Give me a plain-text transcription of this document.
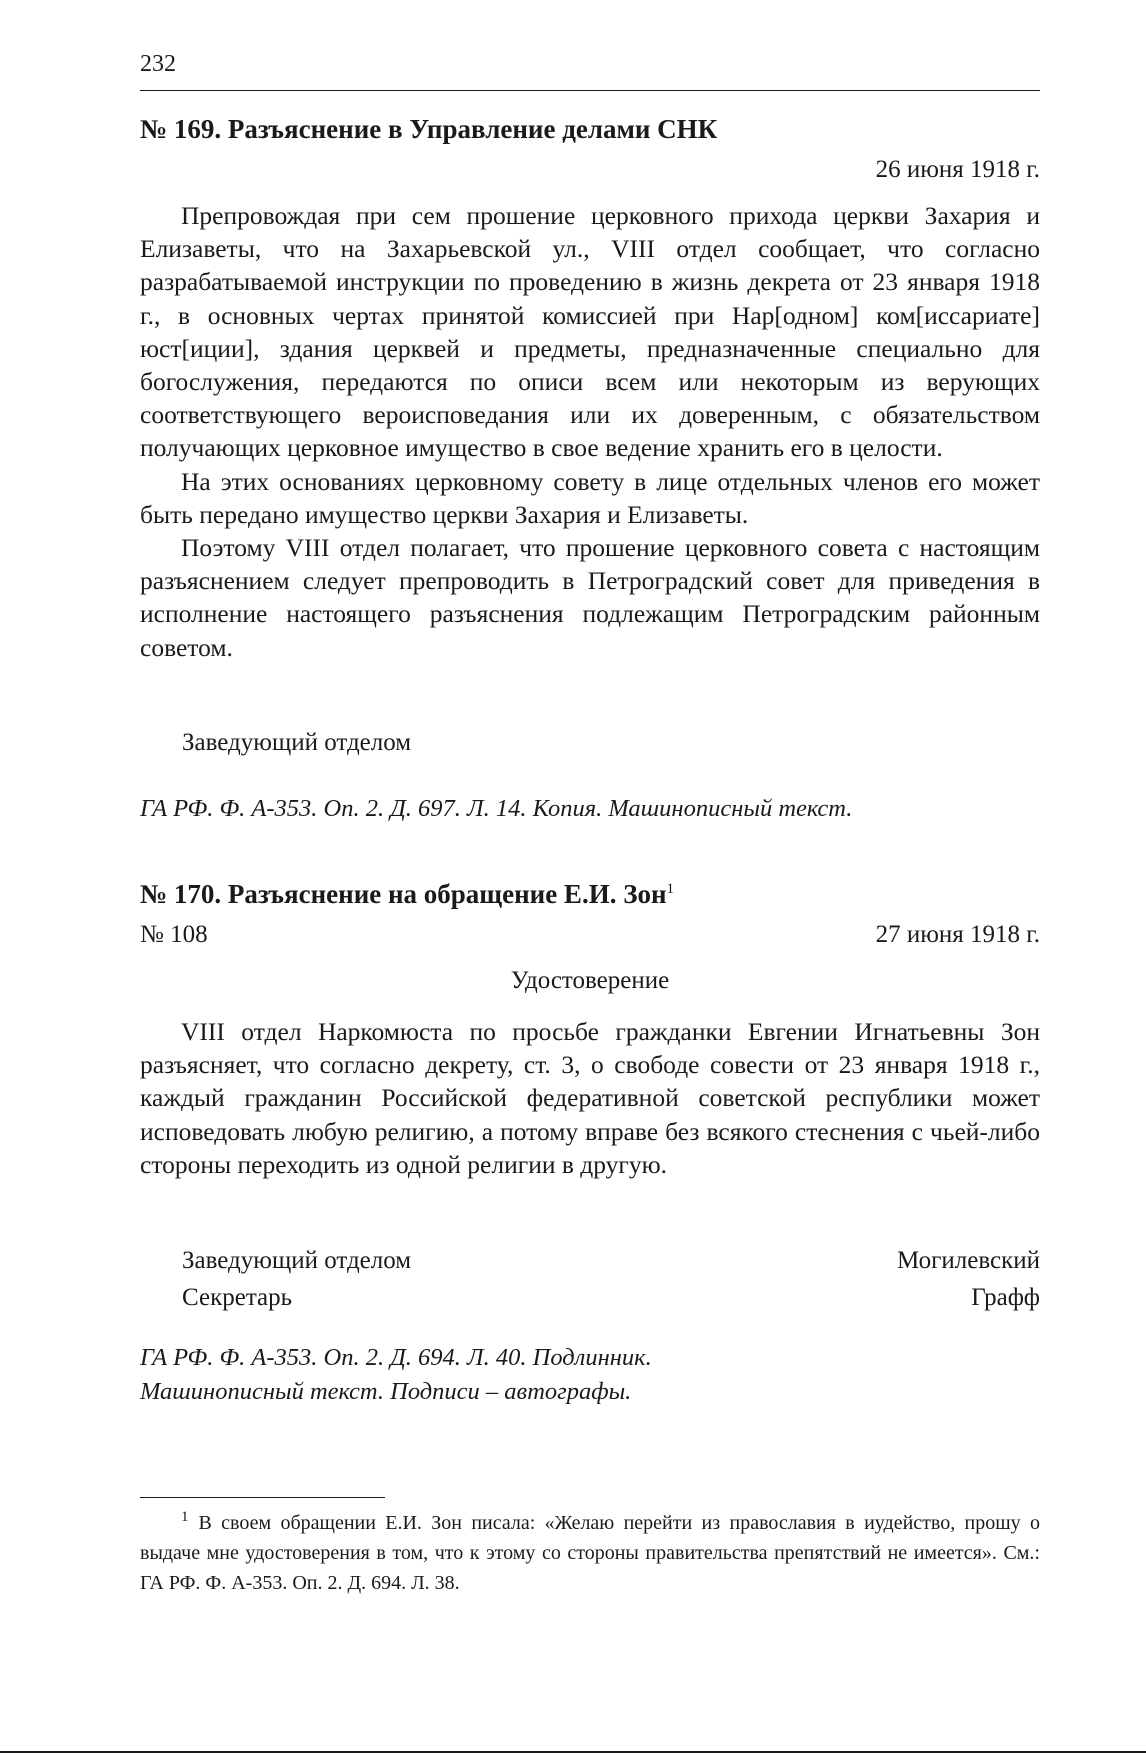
232
№ 169. Разъяснение в Управление делами СНК
26 июня 1918 г.

Препровождая при сем прошение церковного прихода церкви Захария и Елизаветы, что на Захарьевской ул., VIII отдел сообщает, что согласно разрабатываемой инструкции по проведению в жизнь декрета от 23 января 1918 г., в основных чертах принятой комиссией при Нар[одном] ком[иссариате] юст[иции], здания церквей и предметы, предназначенные специально для богослужения, передаются по описи всем или некоторым из верующих соответствующего вероисповедания или их доверенным, с обязательством получающих церковное имущество в свое ведение хранить его в целости.

На этих основаниях церковному совету в лице отдельных членов его может быть передано имущество церкви Захария и Елизаветы.

Поэтому VIII отдел полагает, что прошение церковного совета с настоящим разъяснением следует препроводить в Петроградский совет для приведения в исполнение настоящего разъяснения подлежащим Петроградским районным советом.

Заведующий отделом
ГА РФ. Ф. А-353. Оп. 2. Д. 697. Л. 14. Копия. Машинописный текст.
№ 170. Разъяснение на обращение Е.И. Зон$^1$
№ 108	27 июня 1918 г.
Удостоверение

VIII отдел Наркомюста по просьбе гражданки Евгении Игнатьевны Зон разъясняет, что согласно декрету, ст. 3, о свободе совести от 23 января 1918 г., каждый гражданин Российской федеративной советской республики может исповедовать любую религию, а потому вправе без всякого стеснения с чьей-либо стороны переходить из одной религии в другую.

Заведующий отделом	Могилевский
Секретарь	Графф
ГА РФ. Ф. А-353. Оп. 2. Д. 694. Л. 40. Подлинник.
Машинописный текст. Подписи – автографы.
$^1$ В своем обращении Е.И. Зон писала: «Желаю перейти из православия в иудейство, прошу о выдаче мне удостоверения в том, что к этому со стороны правительства препятствий не имеется». См.: ГА РФ. Ф. А-353. Оп. 2. Д. 694. Л. 38.
